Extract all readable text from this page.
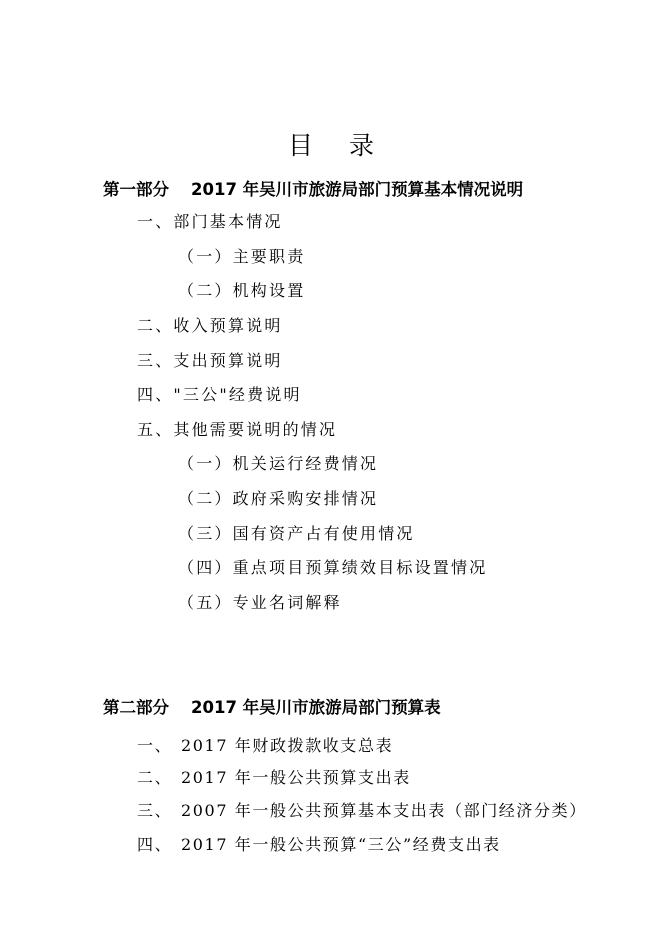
目 录
第一部分 2017 年吴川市旅游局部门预算基本情况说明
一、部门基本情况
（一）主要职责
（二）机构设置
二、收入预算说明
三、支出预算说明
四、"三公"经费说明
五、其他需要说明的情况
（一）机关运行经费情况
（二）政府采购安排情况
（三）国有资产占有使用情况
（四）重点项目预算绩效目标设置情况
（五）专业名词解释
第二部分 2017 年吴川市旅游局部门预算表
一、 2017 年财政拨款收支总表
二、 2017 年一般公共预算支出表
三、 2007 年一般公共预算基本支出表（部门经济分类）
四、 2017 年一般公共预算“三公”经费支出表
